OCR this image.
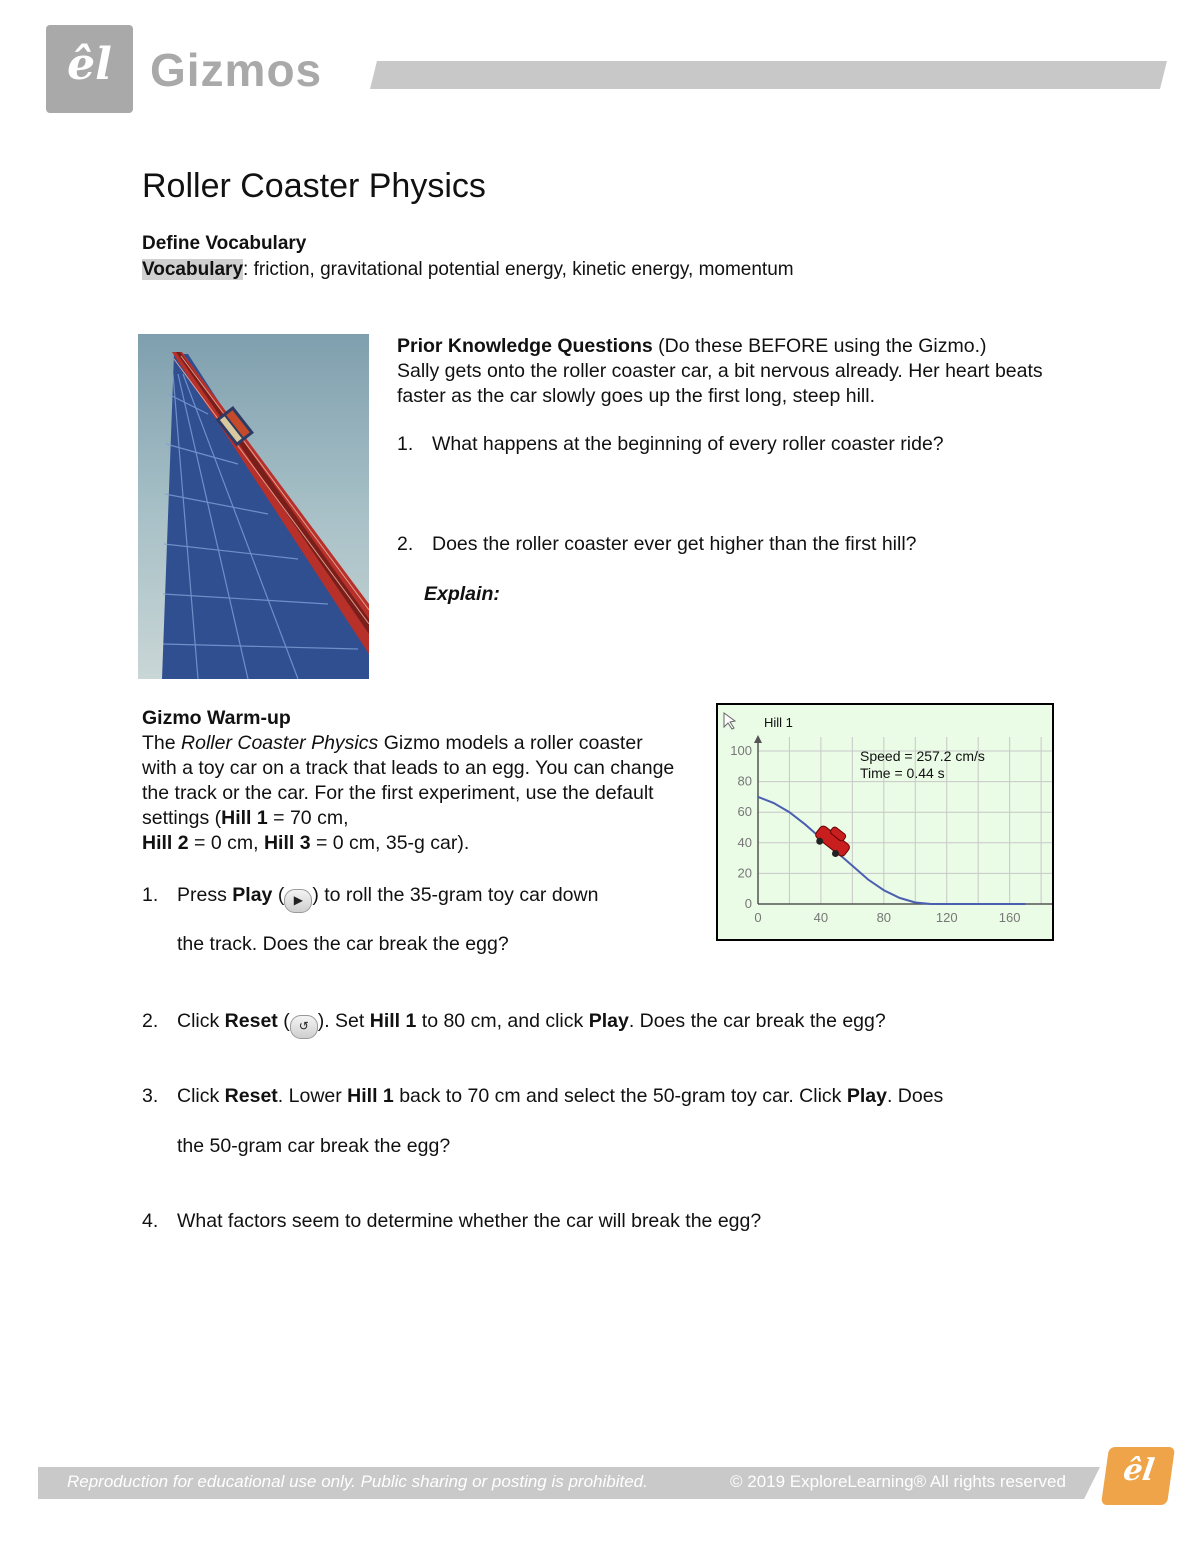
êl Gizmos
Roller Coaster Physics
Define Vocabulary
Vocabulary: friction, gravitational potential energy, kinetic energy, momentum
Prior Knowledge Questions (Do these BEFORE using the Gizmo.)
Sally gets onto the roller coaster car, a bit nervous already. Her heart beats faster as the car slowly goes up the first long, steep hill.
1. What happens at the beginning of every roller coaster ride?
2. Does the roller coaster ever get higher than the first hill?
Explain:
Gizmo Warm-up
The Roller Coaster Physics Gizmo models a roller coaster with a toy car on a track that leads to an egg. You can change the track or the car. For the first experiment, use the default settings (Hill 1 = 70 cm,
Hill 2 = 0 cm, Hill 3 = 0 cm, 35-g car).
1. Press Play ( ▶ ) to roll the 35-gram toy car down
the track. Does the car break the egg?
2. Click Reset ( ↺ ). Set Hill 1 to 80 cm, and click Play. Does the car break the egg?
3. Click Reset. Lower Hill 1 back to 70 cm and select the 50-gram toy car. Click Play. Does
the 50-gram car break the egg?
4. What factors seem to determine whether the car will break the egg?
0	40	80	120	160
0
20
40
60
80
100
Hill 1
Speed = 257.2 cm/s
Time = 0.44 s
Reproduction for educational use only. Public sharing or posting is prohibited.	© 2019 ExploreLearning® All rights reserved	êl
